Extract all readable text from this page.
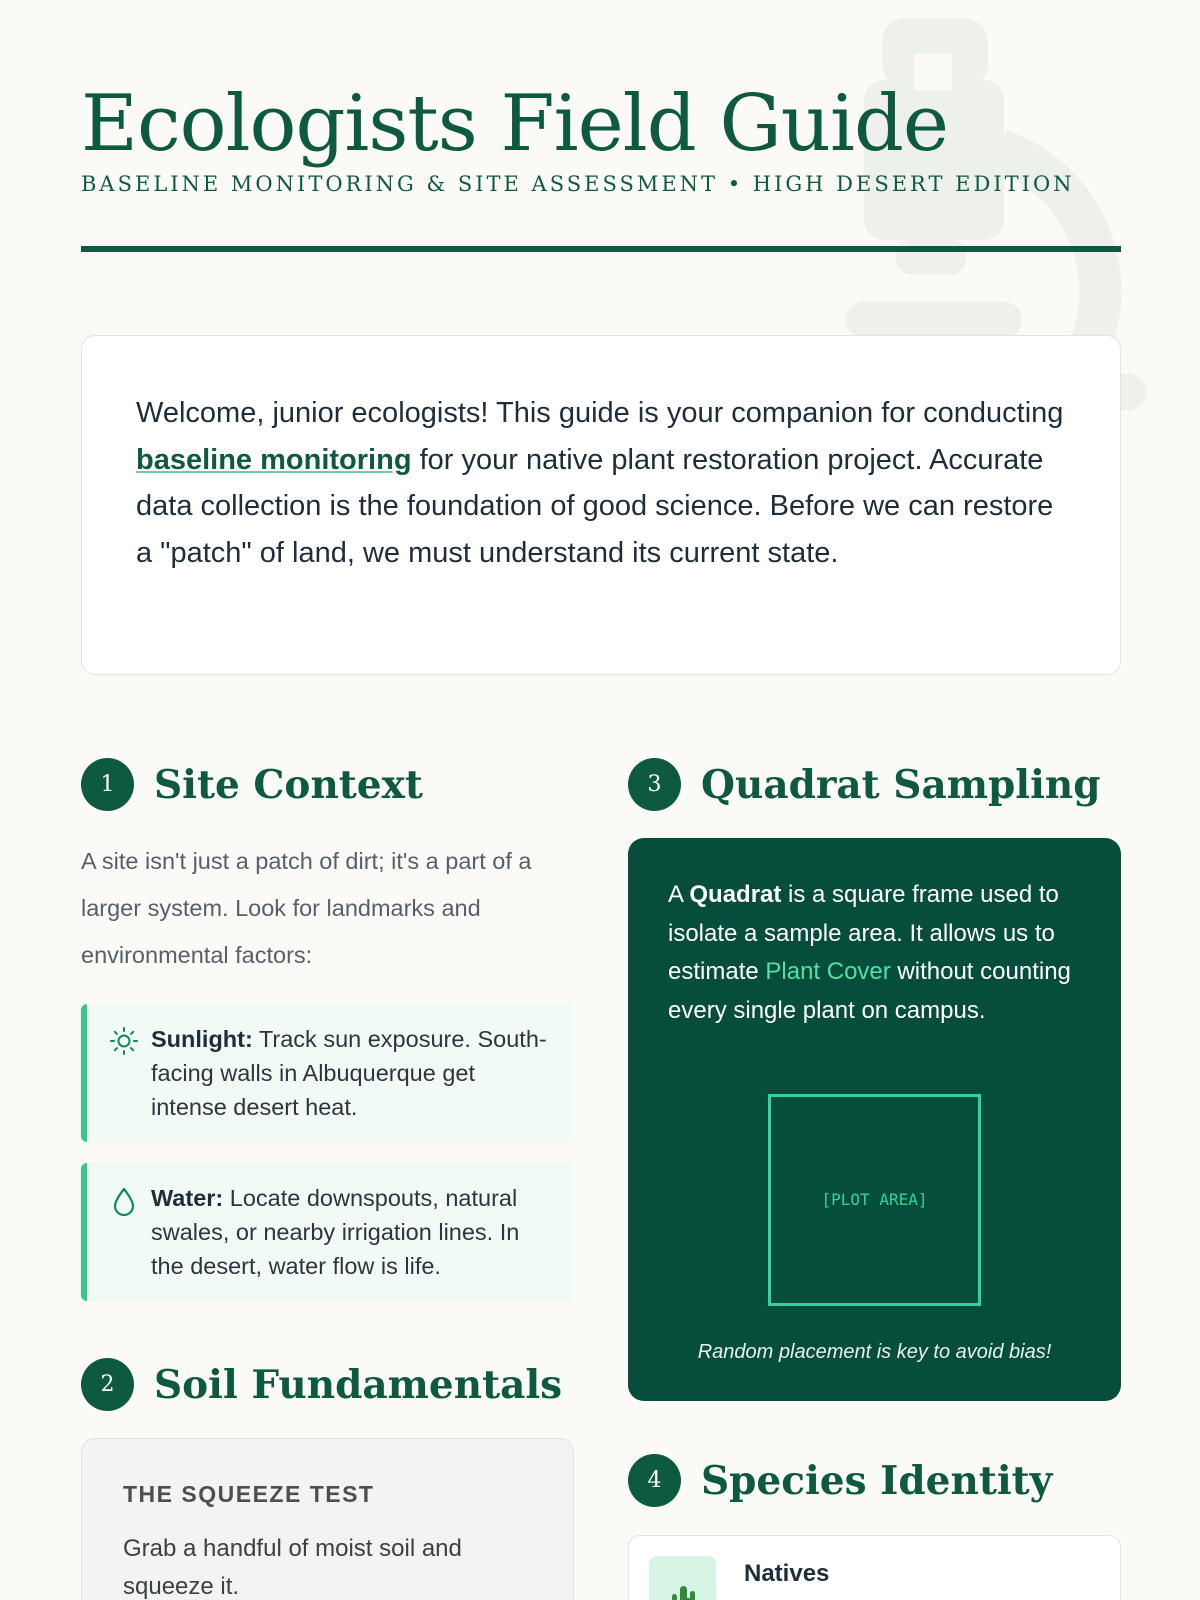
Ecologists Field Guide
BASELINE MONITORING & SITE ASSESSMENT • HIGH DESERT EDITION
Welcome, junior ecologists! This guide is your companion for conducting baseline monitoring for your native plant restoration project. Accurate data collection is the foundation of good science. Before we can restore a "patch" of land, we must understand its current state.
1	Site Context

A site isn't just a patch of dirt; it's a part of a larger system. Look for landmarks and environmental factors:

Sunlight: Track sun exposure. South-facing walls in Albuquerque get intense desert heat.
Water: Locate downspouts, natural swales, or nearby irrigation lines. In the desert, water flow is life.
2	Soil Fundamentals
THE SQUEEZE TEST
Grab a handful of moist soil and squeeze it.
3	Quadrat Sampling

A Quadrat is a square frame used to isolate a sample area. It allows us to estimate Plant Cover without counting every single plant on campus.

[PLOT AREA]
Random placement is key to avoid bias!
4	Species Identity
Natives
